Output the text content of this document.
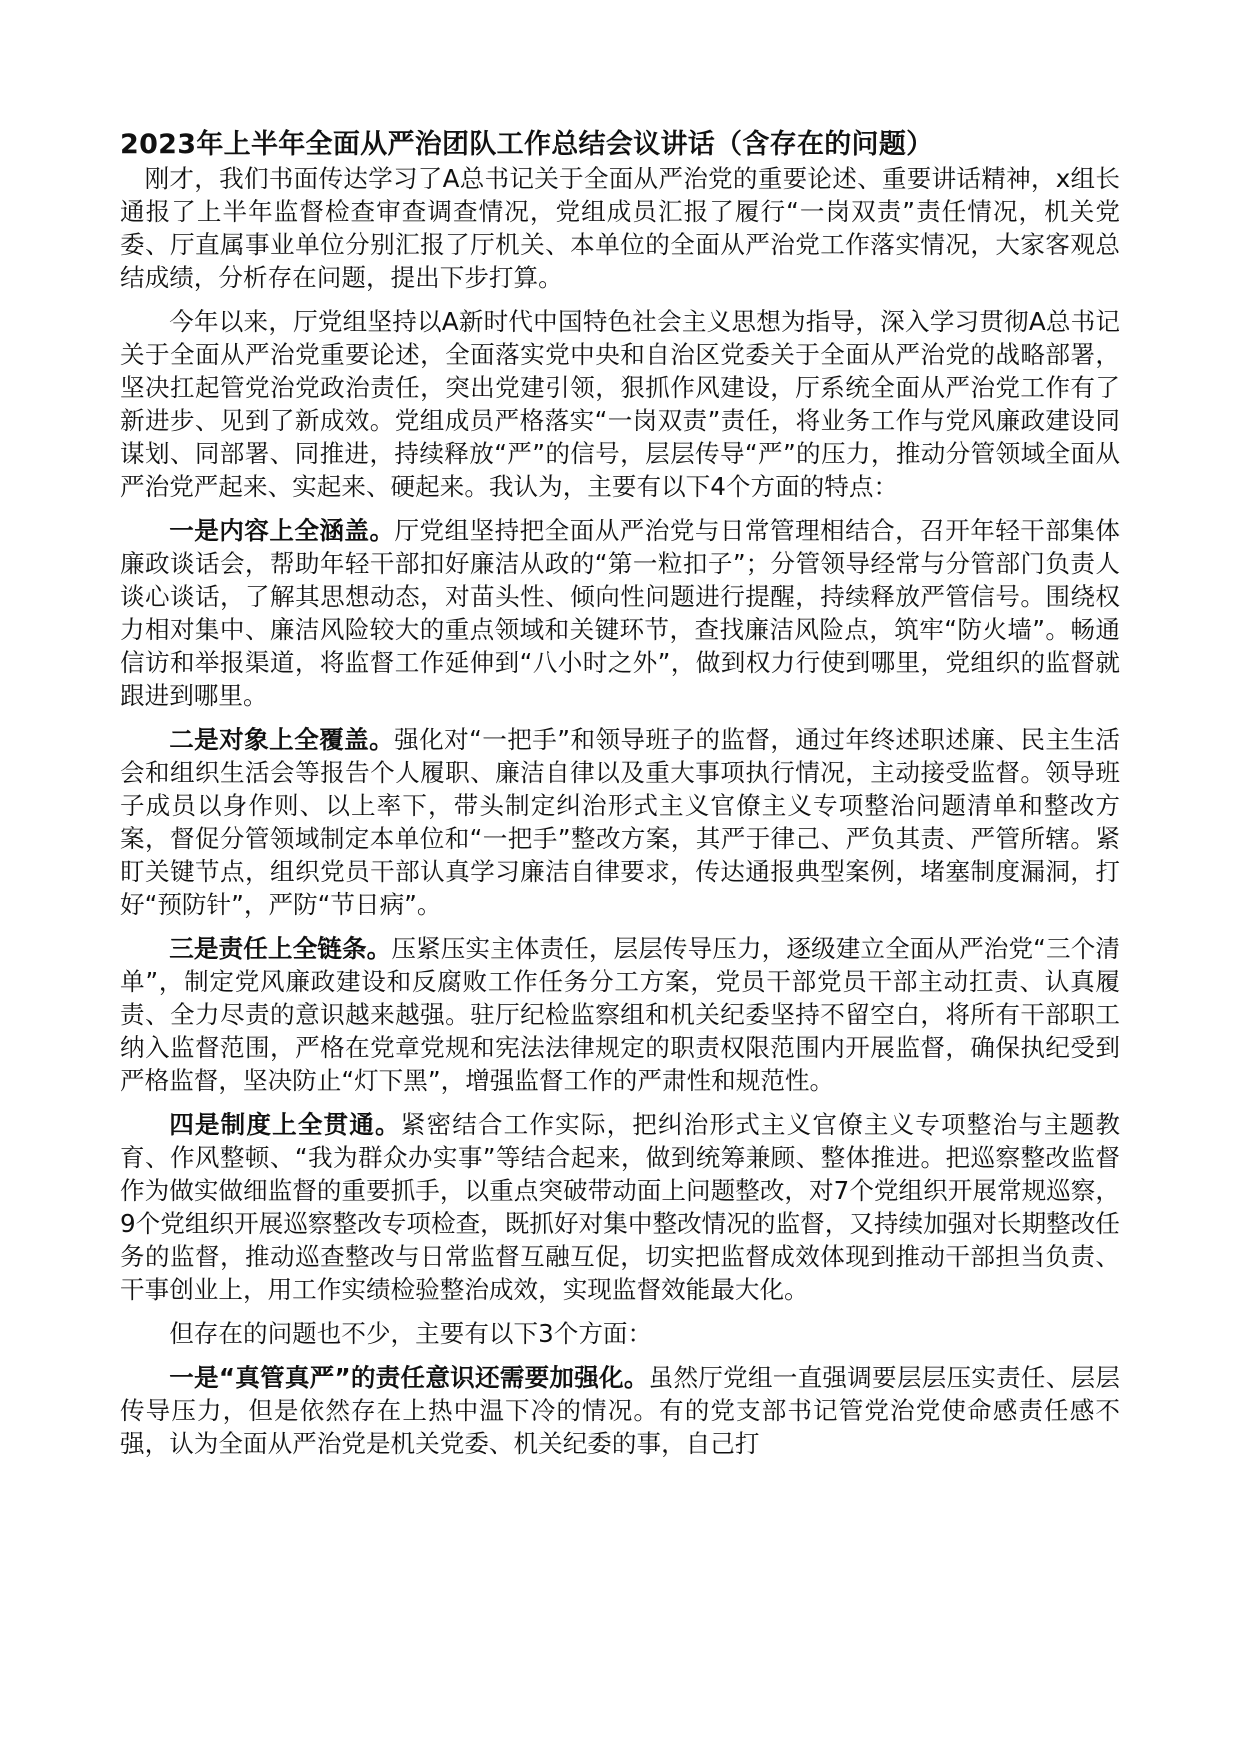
2023年上半年全面从严治团队工作总结会议讲话（含存在的问题）

刚才，我们书面传达学习了A总书记关于全面从严治党的重要论述、重要讲话精神，x组长通报了上半年监督检查审查调查情况，党组成员汇报了履行“一岗双责”责任情况，机关党委、厅直属事业单位分别汇报了厅机关、本单位的全面从严治党工作落实情况，大家客观总结成绩，分析存在问题，提出下步打算。

今年以来，厅党组坚持以A新时代中国特色社会主义思想为指导，深入学习贯彻A总书记关于全面从严治党重要论述，全面落实党中央和自治区党委关于全面从严治党的战略部署，坚决扛起管党治党政治责任，突出党建引领，狠抓作风建设，厅系统全面从严治党工作有了新进步、见到了新成效。党组成员严格落实“一岗双责”责任，将业务工作与党风廉政建设同谋划、同部署、同推进，持续释放“严”的信号，层层传导“严”的压力，推动分管领域全面从严治党严起来、实起来、硬起来。我认为，主要有以下4个方面的特点：

一是内容上全涵盖。厅党组坚持把全面从严治党与日常管理相结合，召开年轻干部集体廉政谈话会，帮助年轻干部扣好廉洁从政的“第一粒扣子”；分管领导经常与分管部门负责人谈心谈话，了解其思想动态，对苗头性、倾向性问题进行提醒，持续释放严管信号。围绕权力相对集中、廉洁风险较大的重点领域和关键环节，查找廉洁风险点，筑牢“防火墙”。畅通信访和举报渠道，将监督工作延伸到“八小时之外”，做到权力行使到哪里，党组织的监督就跟进到哪里。

二是对象上全覆盖。强化对“一把手”和领导班子的监督，通过年终述职述廉、民主生活会和组织生活会等报告个人履职、廉洁自律以及重大事项执行情况，主动接受监督。领导班子成员以身作则、以上率下，带头制定纠治形式主义官僚主义专项整治问题清单和整改方案，督促分管领域制定本单位和“一把手”整改方案，其严于律己、严负其责、严管所辖。紧盯关键节点，组织党员干部认真学习廉洁自律要求，传达通报典型案例，堵塞制度漏洞，打好“预防针”，严防“节日病”。

三是责任上全链条。压紧压实主体责任，层层传导压力，逐级建立全面从严治党“三个清单”，制定党风廉政建设和反腐败工作任务分工方案，党员干部党员干部主动扛责、认真履责、全力尽责的意识越来越强。驻厅纪检监察组和机关纪委坚持不留空白，将所有干部职工纳入监督范围，严格在党章党规和宪法法律规定的职责权限范围内开展监督，确保执纪受到严格监督，坚决防止“灯下黑”，增强监督工作的严肃性和规范性。

四是制度上全贯通。紧密结合工作实际，把纠治形式主义官僚主义专项整治与主题教育、作风整顿、“我为群众办实事”等结合起来，做到统筹兼顾、整体推进。把巡察整改监督作为做实做细监督的重要抓手，以重点突破带动面上问题整改，对7个党组织开展常规巡察，9个党组织开展巡察整改专项检查，既抓好对集中整改情况的监督，又持续加强对长期整改任务的监督，推动巡查整改与日常监督互融互促，切实把监督成效体现到推动干部担当负责、干事创业上，用工作实绩检验整治成效，实现监督效能最大化。

但存在的问题也不少，主要有以下3个方面：

一是“真管真严”的责任意识还需要加强化。虽然厅党组一直强调要层层压实责任、层层传导压力，但是依然存在上热中温下冷的情况。有的党支部书记管党治党使命感责任感不强，认为全面从严治党是机关党委、机关纪委的事，自己打
